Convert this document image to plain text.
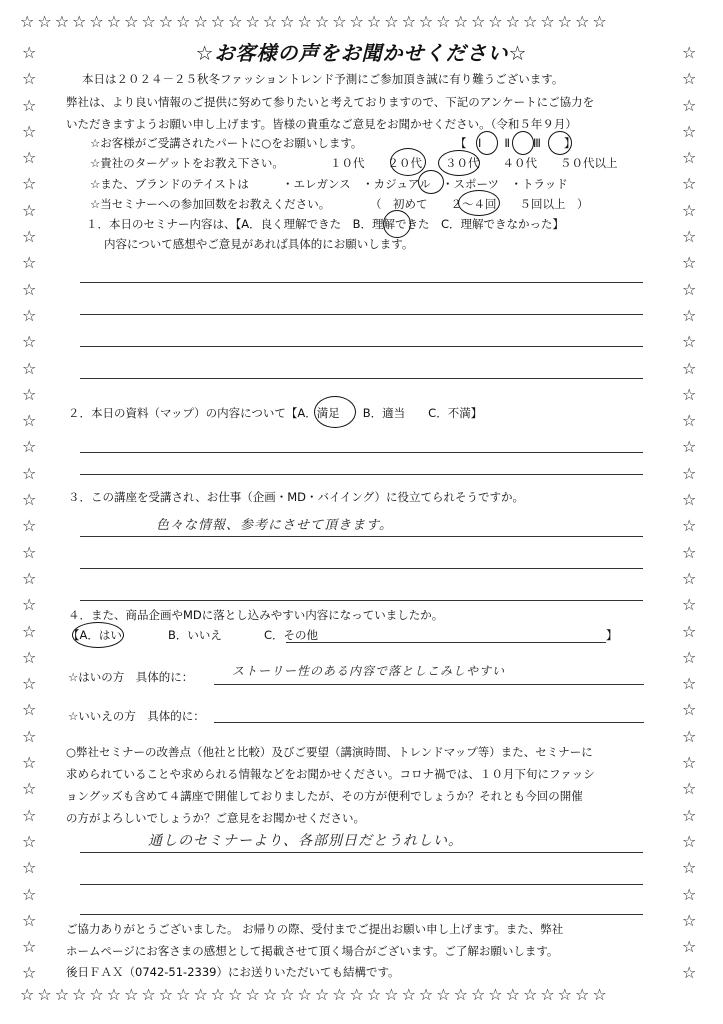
☆☆☆☆☆☆☆☆☆☆☆☆☆☆☆☆☆☆☆☆☆☆☆☆☆☆☆☆☆☆☆☆☆☆
☆☆☆☆☆☆☆☆☆☆☆☆☆☆☆☆☆☆☆☆☆☆☆☆☆☆☆☆☆☆☆☆☆☆
☆
☆
☆
☆
☆
☆
☆
☆
☆
☆
☆
☆
☆
☆
☆
☆
☆
☆
☆
☆
☆
☆
☆
☆
☆
☆
☆
☆
☆
☆
☆
☆
☆
☆
☆
☆
☆
☆
☆
☆
☆
☆
☆
☆
☆
☆
☆
☆
☆
☆
☆
☆
☆
☆
☆
☆
☆
☆
☆
☆
☆
☆
☆
☆
☆
☆
☆
☆
☆
☆
☆
☆
☆お客様の声をお聞かせください☆
本日は２０２４－２５秋冬ファッショントレンド予測にご参加頂き誠に有り難うございます。
弊社は、より良い情報のご提供に努めて参りたいと考えておりますので、下記のアンケートにご協力を
いただきますようお願い申し上げます。皆様の貴重なご意見をお聞かせください。（令和５年９月）
☆お客様がご受講されたパートに○をお願いします。	【　Ⅰ　　Ⅱ　　Ⅲ　　】
☆貴社のターゲットをお教え下さい。	１０代　　２０代　　３０代　　４０代　　５０代以上
☆また、ブランドのテイストは	・エレガンス　・カジュアル　・スポーツ　・トラッド
☆当セミナーへの参加回数をお教えください。	（　初めて　　２～４回　　５回以上　）
１．本日のセミナー内容は、【A．良く理解できた　B．理解できた　C．理解できなかった】
内容について感想やご意見があれば具体的にお願いします。
２．本日の資料（マップ）の内容について【A．満足　　B．適当　　C．不満】
３．この講座を受講され、お仕事（企画・MD・バイイング）に役立てられそうですか。
色々な情報、参考にさせて頂きます。
４．また、商品企画やMDに落とし込みやすい内容になっていましたか。
【A．はい	B．いいえ	C．その他	】
☆はいの方　具体的に：	ストーリー性のある内容で落としこみしやすい
☆いいえの方　具体的に：
○弊社セミナーの改善点（他社と比較）及びご要望（講演時間、トレンドマップ等）また、セミナーに
求められていることや求められる情報などをお聞かせください。コロナ禍では、１０月下旬にファッシ
ョングッズも含めて４講座で開催しておりましたが、その方が便利でしょうか？それとも今回の開催
の方がよろしいでしょうか？ご意見をお聞かせください。
通しのセミナーより、各部別日だとうれしい。
ご協力ありがとうございました。 お帰りの際、受付までご提出お願い申し上げます。また、弊社
ホームページにお客さまの感想として掲載させて頂く場合がございます。ご了解お願いします。
後日ＦＡＸ（0742-51-2339）にお送りいただいても結構です。
